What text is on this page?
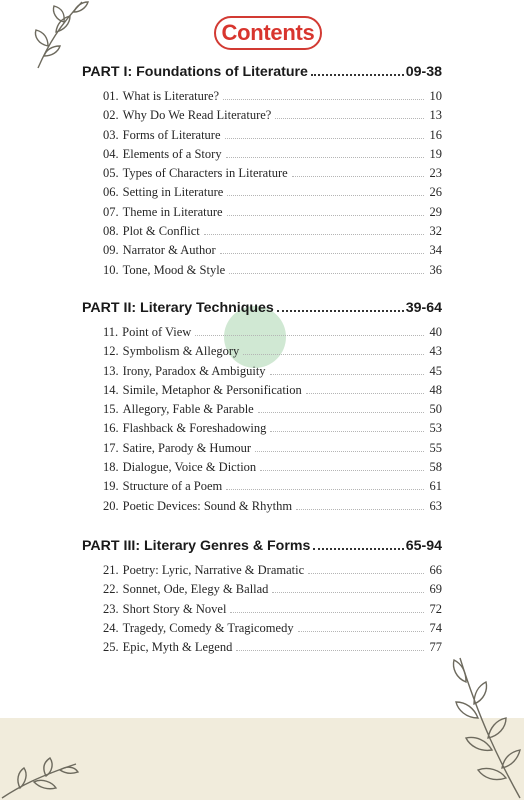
Contents
PART I: Foundations of Literature	09-38
01. What is Literature?	10
02. Why Do We Read Literature?	13
03. Forms of Literature	16
04. Elements of a Story	19
05. Types of Characters in Literature	23
06. Setting in Literature	26
07. Theme in Literature	29
08. Plot & Conflict	32
09. Narrator & Author	34
10. Tone, Mood & Style	36
PART II: Literary Techniques	39-64
11. Point of View	40
12. Symbolism & Allegory	43
13. Irony, Paradox & Ambiguity	45
14. Simile, Metaphor & Personification	48
15. Allegory, Fable & Parable	50
16. Flashback & Foreshadowing	53
17. Satire, Parody & Humour	55
18. Dialogue, Voice & Diction	58
19. Structure of a Poem	61
20. Poetic Devices: Sound & Rhythm	63
PART III: Literary Genres & Forms	65-94
21. Poetry: Lyric, Narrative & Dramatic	66
22. Sonnet, Ode, Elegy & Ballad	69
23. Short Story & Novel	72
24. Tragedy, Comedy & Tragicomedy	74
25. Epic, Myth & Legend	77
